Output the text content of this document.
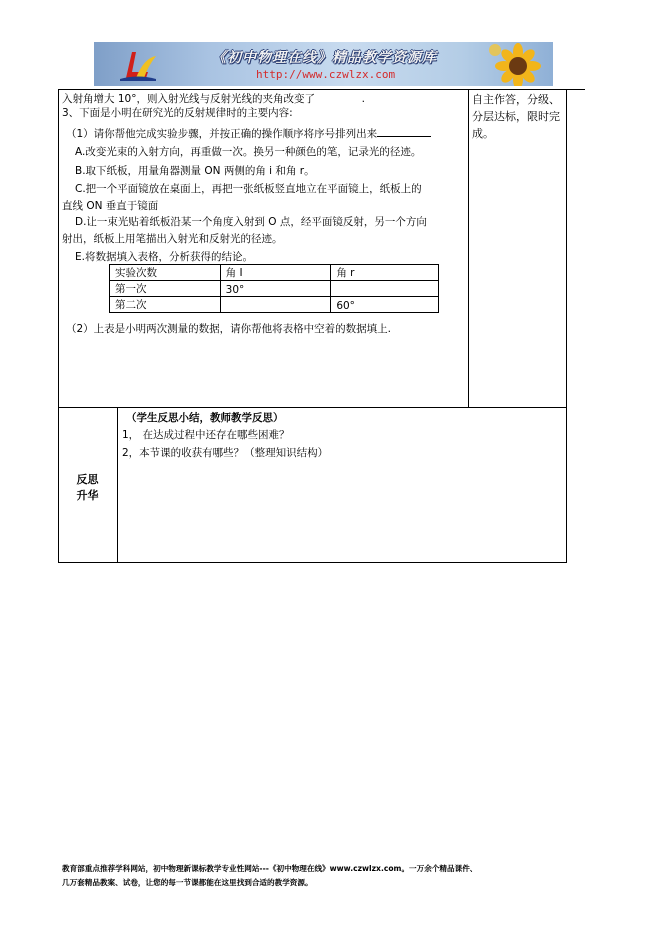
《初中物理在线》精品教学资源库
http://www.czwlzx.com
入射角增大 10°，则入射光线与反射光线的夹角改变了	.
3、下面是小明在研究光的反射规律时的主要内容:
（1）请你帮他完成实验步骤，并按正确的操作顺序将序号排列出来
A.改变光束的入射方向，再重做一次。换另一种颜色的笔，记录光的径迹。
B.取下纸板，用量角器测量 ON 两侧的角 i 和角 r。
C.把一个平面镜放在桌面上，再把一张纸板竖直地立在平面镜上，纸板上的
直线 ON 垂直于镜面
D.让一束光贴着纸板沿某一个角度入射到 O 点，经平面镜反射，另一个方向
射出，纸板上用笔描出入射光和反射光的径迹。
E.将数据填入表格，分析获得的结论。
实验次数	角 I	角 r
第一次	30°	
第二次		60°
（2）上表是小明两次测量的数据，请你帮他将表格中空着的数据填上.
自主作答，分级、分层达标，限时完成。
反思
升华
（学生反思小结，教师教学反思）
1， 在达成过程中还存在哪些困难？
2，本节课的收获有哪些？（整理知识结构）
教育部重点推荐学科网站，初中物理新课标教学专业性网站---《初中物理在线》www.czwlzx.com。一万余个精品课件、
几万套精品教案、试卷，让您的每一节课都能在这里找到合适的教学资源。
